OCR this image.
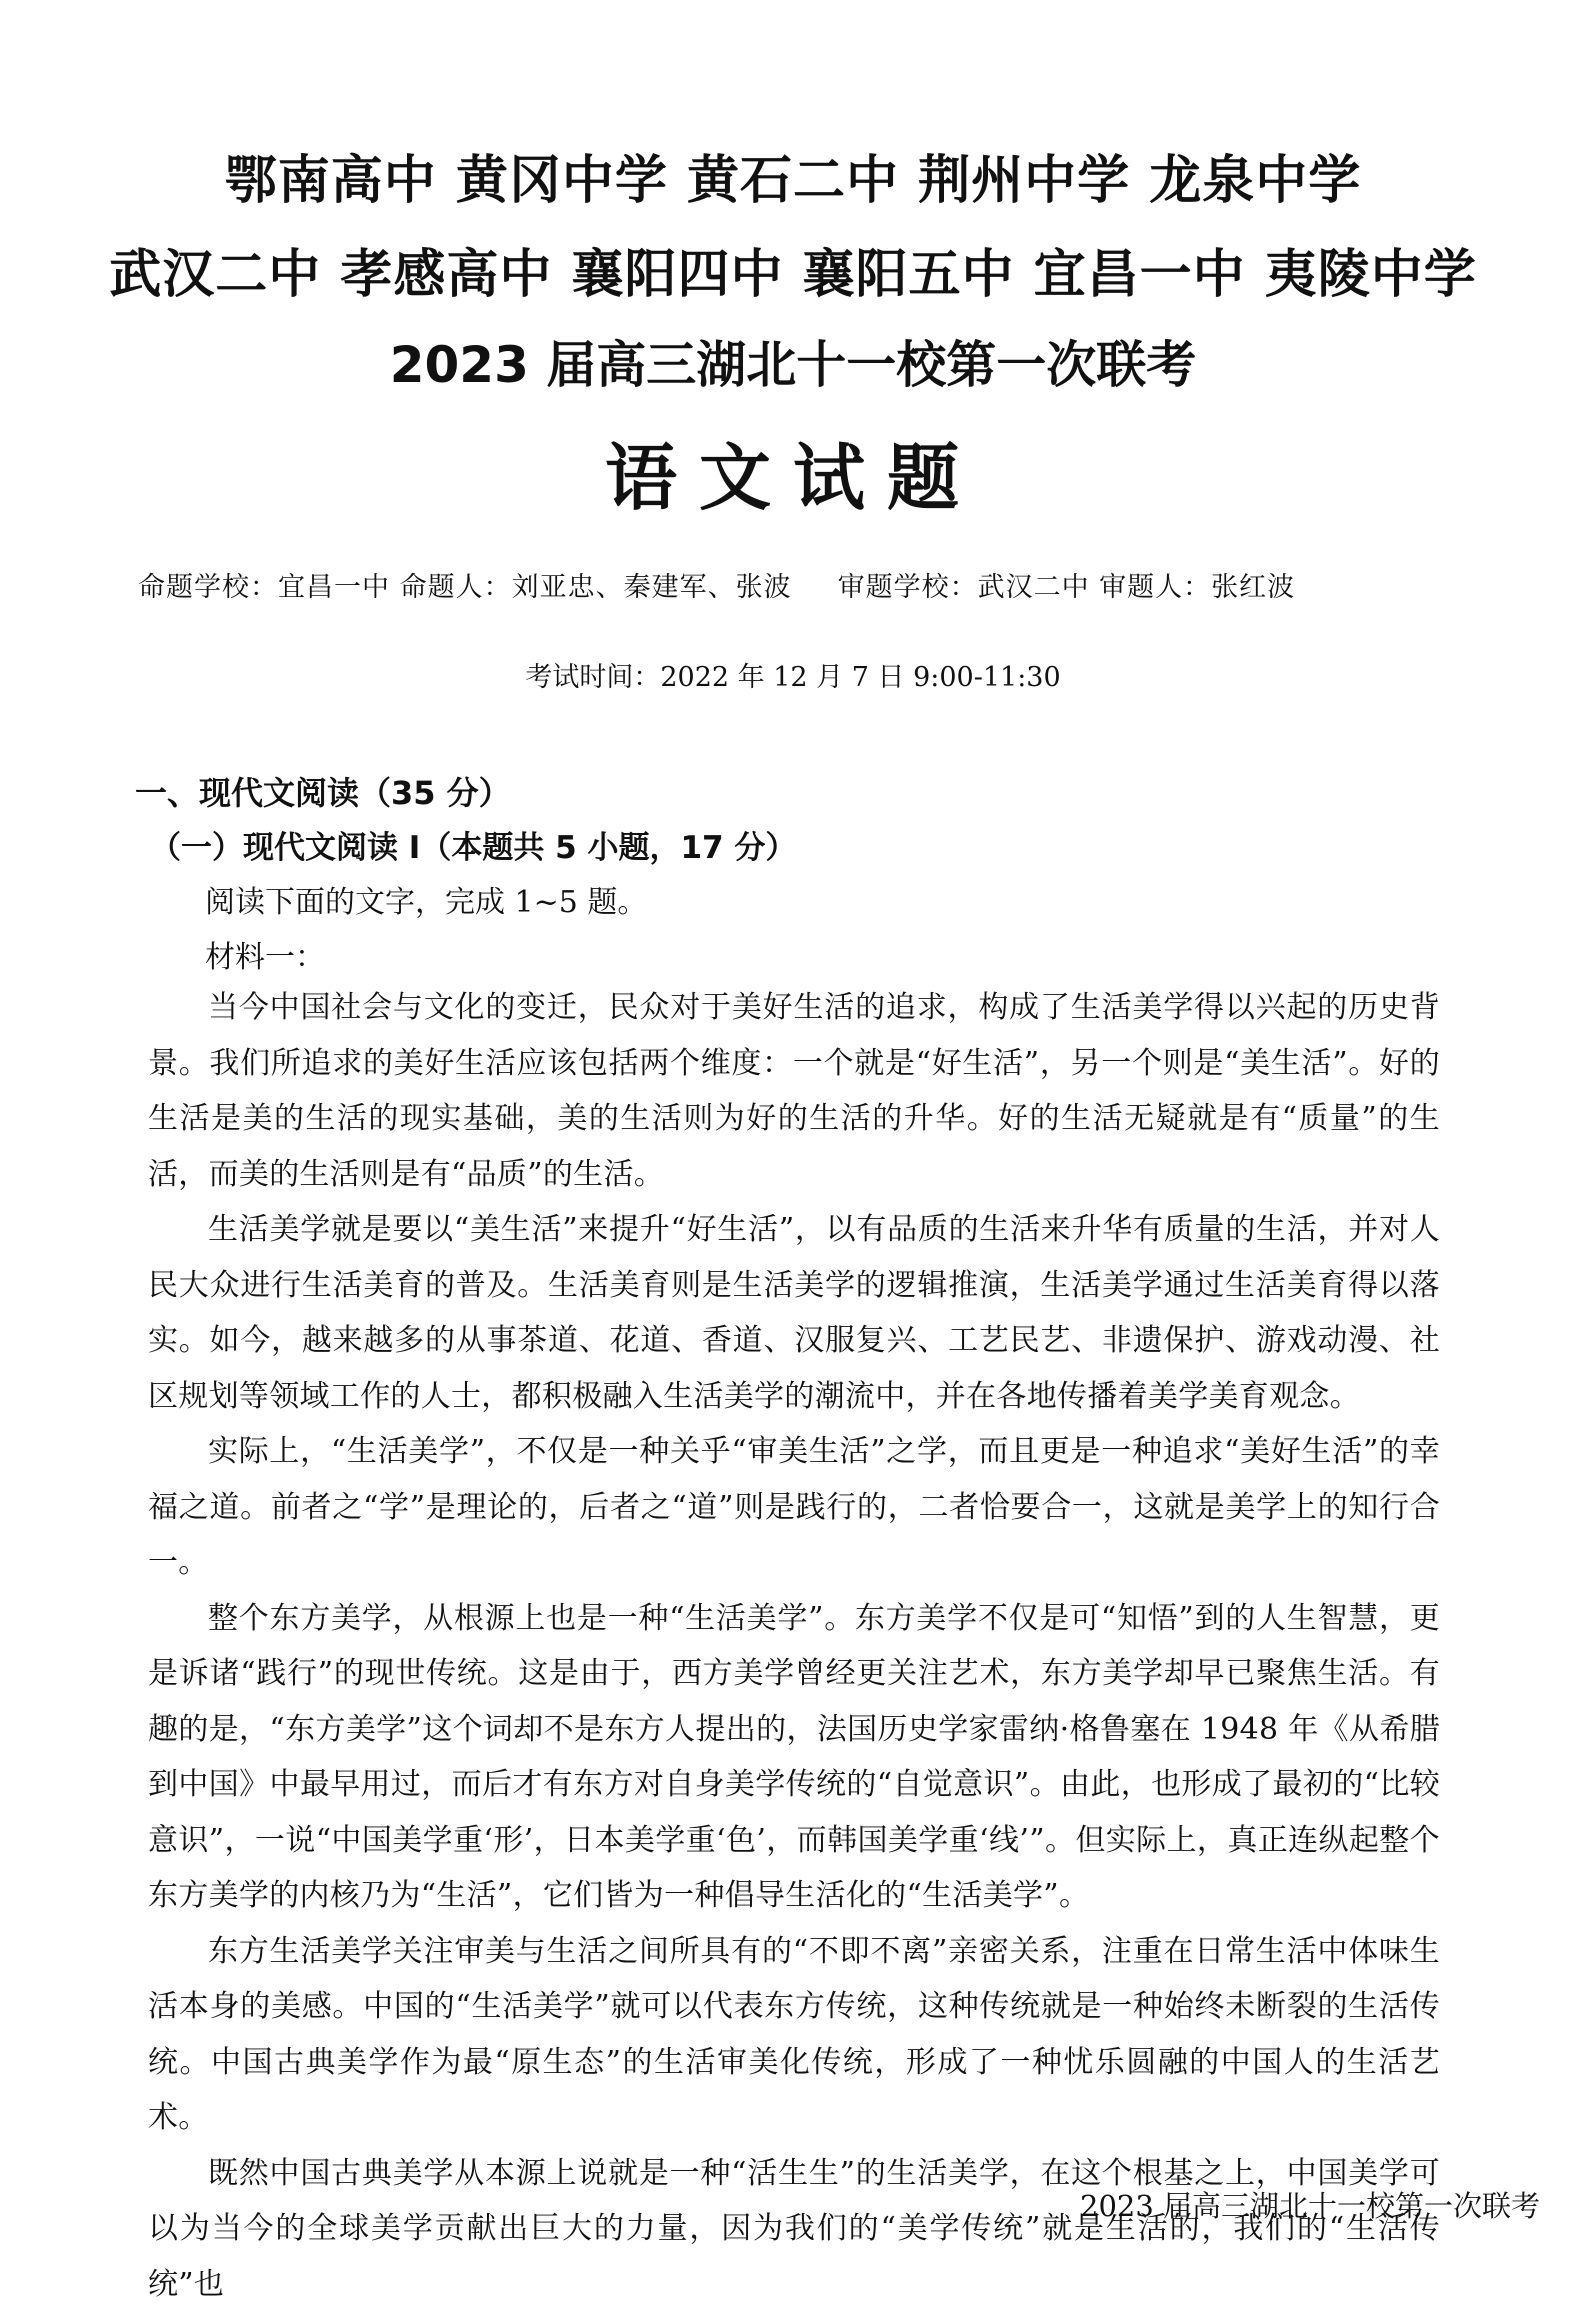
鄂南高中 黄冈中学 黄石二中 荆州中学 龙泉中学
武汉二中 孝感高中 襄阳四中 襄阳五中 宜昌一中 夷陵中学
2023 届高三湖北十一校第一次联考
语文试题
命题学校：宜昌一中 命题人：刘亚忠、秦建军、张波 审题学校：武汉二中 审题人：张红波
考试时间：2022 年 12 月 7 日 9:00-11:30
一、现代文阅读（35 分）
（一）现代文阅读 I（本题共 5 小题，17 分）
阅读下面的文字，完成 1~5 题。
材料一：

当今中国社会与文化的变迁，民众对于美好生活的追求，构成了生活美学得以兴起的历史背景。我们所追求的美好生活应该包括两个维度：一个就是“好生活”，另一个则是“美生活”。好的生活是美的生活的现实基础，美的生活则为好的生活的升华。好的生活无疑就是有“质量”的生活，而美的生活则是有“品质”的生活。

生活美学就是要以“美生活”来提升“好生活”，以有品质的生活来升华有质量的生活，并对人民大众进行生活美育的普及。生活美育则是生活美学的逻辑推演，生活美学通过生活美育得以落实。如今，越来越多的从事茶道、花道、香道、汉服复兴、工艺民艺、非遗保护、游戏动漫、社区规划等领域工作的人士，都积极融入生活美学的潮流中，并在各地传播着美学美育观念。

实际上，“生活美学”，不仅是一种关乎“审美生活”之学，而且更是一种追求“美好生活”的幸福之道。前者之“学”是理论的，后者之“道”则是践行的，二者恰要合一，这就是美学上的知行合一。

整个东方美学，从根源上也是一种“生活美学”。东方美学不仅是可“知悟”到的人生智慧，更是诉诸“践行”的现世传统。这是由于，西方美学曾经更关注艺术，东方美学却早已聚焦生活。有趣的是，“东方美学”这个词却不是东方人提出的，法国历史学家雷纳·格鲁塞在 1948 年《从希腊到中国》中最早用过，而后才有东方对自身美学传统的“自觉意识”。由此，也形成了最初的“比较意识”，一说“中国美学重‘形’，日本美学重‘色’，而韩国美学重‘线’”。但实际上，真正连纵起整个东方美学的内核乃为“生活”，它们皆为一种倡导生活化的“生活美学”。

东方生活美学关注审美与生活之间所具有的“不即不离”亲密关系，注重在日常生活中体味生活本身的美感。中国的“生活美学”就可以代表东方传统，这种传统就是一种始终未断裂的生活传统。中国古典美学作为最“原生态”的生活审美化传统，形成了一种忧乐圆融的中国人的生活艺术。

既然中国古典美学从本源上说就是一种“活生生”的生活美学，在这个根基之上，中国美学可以为当今的全球美学贡献出巨大的力量，因为我们的“美学传统”就是生活的，我们的“生活传统”也

2023 届高三湖北十一校第一次联考
